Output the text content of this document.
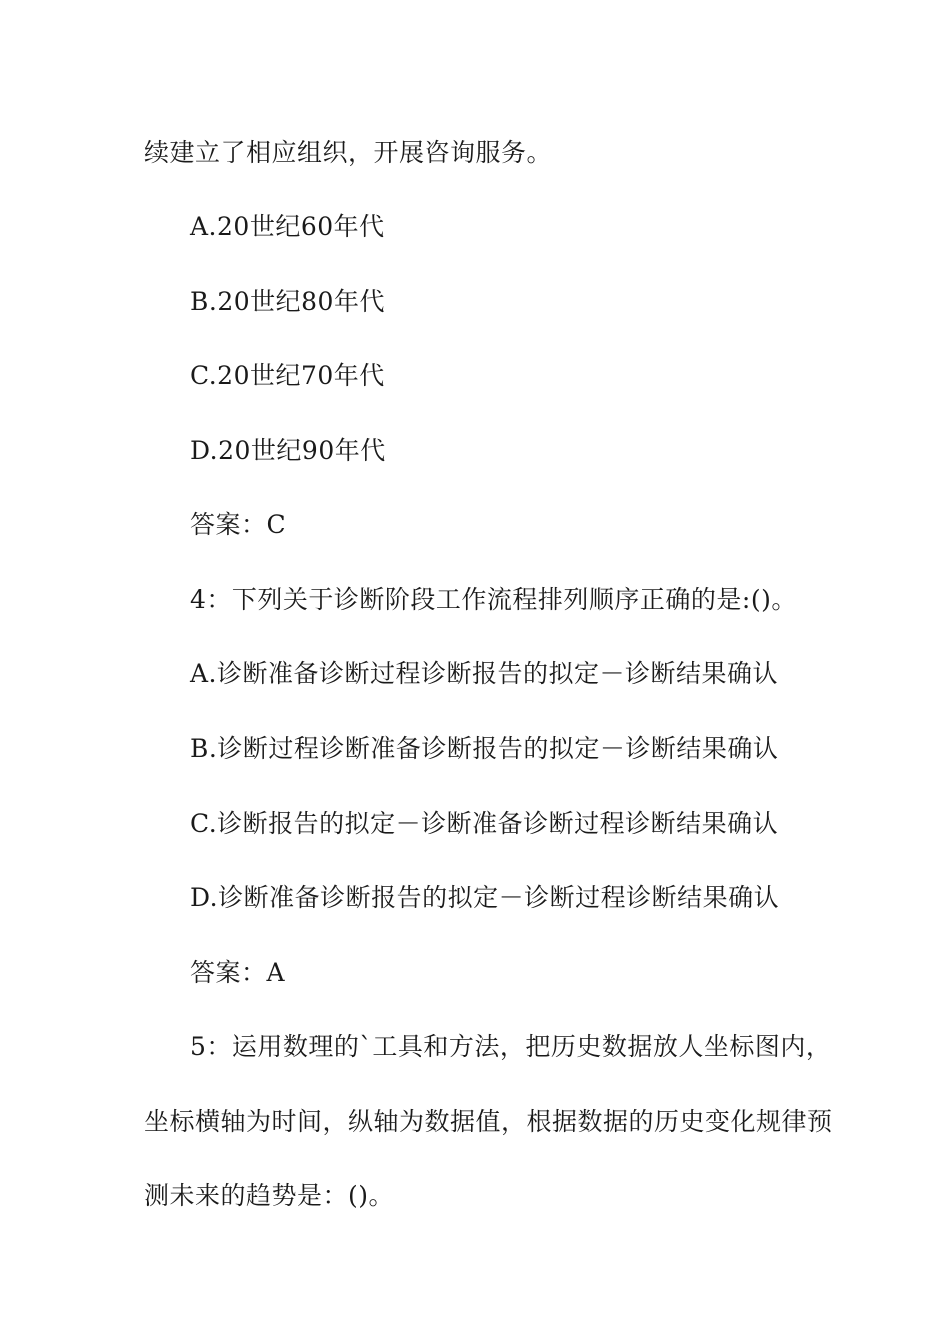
续建立了相应组织，开展咨询服务。
A.20世纪60年代
B.20世纪80年代
C.20世纪70年代
D.20世纪90年代
答案：C
4：下列关于诊断阶段工作流程排列顺序正确的是:()。
A.诊断准备诊断过程诊断报告的拟定－诊断结果确认
B.诊断过程诊断准备诊断报告的拟定－诊断结果确认
C.诊断报告的拟定－诊断准备诊断过程诊断结果确认
D.诊断准备诊断报告的拟定－诊断过程诊断结果确认
答案：A
5：运用数理的`工具和方法，把历史数据放人坐标图内，
坐标横轴为时间，纵轴为数据值，根据数据的历史变化规律预
测未来的趋势是：()。
